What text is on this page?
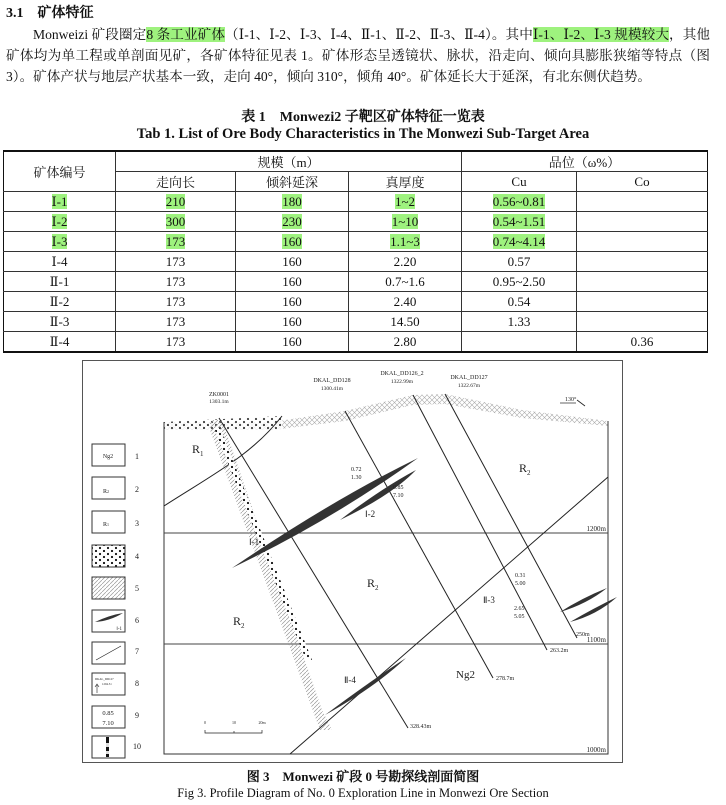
3.1 矿体特征
Monweizi 矿段圈定8 条工业矿体（Ⅰ-1、Ⅰ-2、Ⅰ-3、Ⅰ-4、Ⅱ-1、Ⅱ-2、Ⅱ-3、Ⅱ-4）。其中Ⅰ-1、Ⅰ-2、Ⅰ-3 规模较大，其他矿体均为单工程或单剖面见矿，各矿体特征见表 1。矿体形态呈透镜状、脉状，沿走向、倾向具膨胀狭缩等特点（图3）。矿体产状与地层产状基本一致，走向 40°，倾向 310°，倾角 40°。矿体延长大于延深，有北东侧伏趋势。
表 1　Monwezi2 子靶区矿体特征一览表
Tab 1. List of Ore Body Characteristics in The Monwezi Sub-Target Area
矿体编号	规模（m）			品位（ω%）	
	走向长	倾斜延深	真厚度	Cu	Co
Ⅰ-1	210	180	1~2	0.56~0.81	
Ⅰ-2	300	230	1~10	0.54~1.51	
Ⅰ-3	173	160	1.1~3	0.74~4.14	
Ⅰ-4	173	160	2.20	0.57	
Ⅱ-1	173	160	0.7~1.6	0.95~2.50	
Ⅱ-2	173	160	2.40	0.54	
Ⅱ-3	173	160	14.50	1.33	
Ⅱ-4	173	160	2.80		0.36
ZK0001
1303.1m
DKAL_DD128
1300.41m
DKAL_DD126_2
1322.99m
DKAL_DD127
1322.67m
328.43m
278.7m
263.2m
250m
130°
1200m
1100m
1000m
$R_1$
$R_2$
$R_2$
$R_2$
Ng2
Ⅰ-1
Ⅰ-2
Ⅱ-3
Ⅱ-4
0.72
1.30
0.85
7.10
0.31
5.00
2.65
5.05
0	10	20m
Ng2
R2
R1
Ⅰ-1
DKAL_DD127
1294.51
0.85
7.10
1
2
3
4
5
6
7
8
9
10
图 3　Monwezi 矿段 0 号勘探线剖面简图
Fig 3. Profile Diagram of No. 0 Exploration Line in Monwezi Ore Section
